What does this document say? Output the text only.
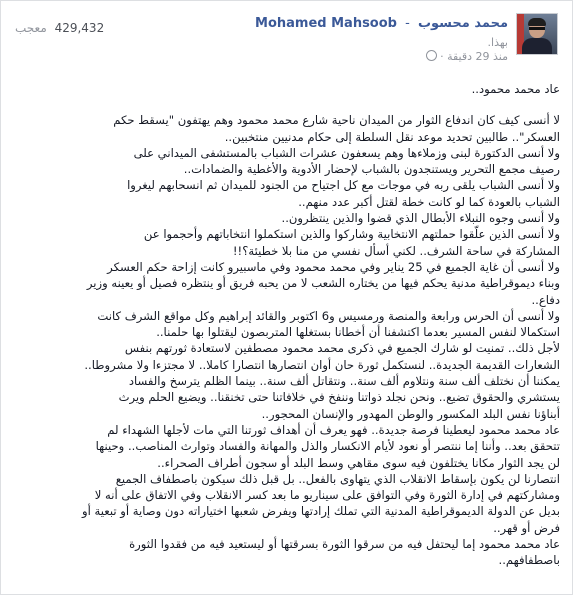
محمد محسوب - Mohamed Mahsoob
429,432 معجب
بهذا.
منذ 29 دقيقة ·

عاد محمد محمود..

لا أنسى كيف كان اندفاع الثوار من الميدان ناحية شارع محمد محمود وهم يهتفون "يسقط حكم

العسكر".. طالبين تحديد موعد نقل السلطة إلى حكام مدنيين منتخبين..

ولا أنسى الدكتورة لبنى وزملاءها وهم يسعفون عشرات الشباب بالمستشفى الميداني على

رصيف مجمع التحرير ويستنجدون بالشباب لإحضار الأدوية والأغطية والضمادات..

ولا أنسى الشباب يلقى ربه في موجات مع كل اجتياح من الجنود للميدان ثم انسحابهم ليغروا

الشباب بالعودة كما لو كانت خطة لقتل أكبر عدد منهم..

ولا أنسى وجوه النبلاء الأبطال الذي قضوا والذين ينتظرون..

ولا أنسى الذين علّقوا حملتهم الانتخابية وشاركوا والذين استكملوا انتخاباتهم وأحجموا عن

المشاركة في ساحة الشرف.. لكني أسأل نفسي من منا بلا خطيئة؟!!

ولا أنسى أن غاية الجميع في 25 يناير وفي محمد محمود وفي ماسبيرو كانت إزاحة حكم العسكر

وبناء ديموقراطية مدنية يحكم فيها من يختاره الشعب لا من يحبه فريق أو ينتظره فصيل أو يعينه وزير

دفاع..

ولا أنسى أن الحرس ورابعة والمنصة ورمسيس و6 اكتوبر والقائد إبراهيم وكل مواقع الشرف كانت

استكمالا لنفس المسير بعدما اكتشفنا أن أخطانا بستغلها المتربصون ليقتلوا بها حلمنا..

لأجل ذلك.. تمنيت لو شارك الجميع في ذكرى محمد محمود مصطفين لاستعادة ثورتهم بنفس

الشعارات القديمة الجديدة.. لنستكمل ثورة حان أوان انتصارها انتصارا كاملا.. لا مجتزءا ولا مشروطا..

يمكننا أن نختلف ألف سنة ونتلاوم ألف سنة.. ونتقاتل ألف سنة.. بينما الظلم يترسخ والفساد

يستشري والحقوق تضيع.. ونحن نجلد ذواتنا وننفخ في خلافاتنا حتى تخنقنا.. ويضيع الحلم ويرث

أبناؤنا نفس البلد المكسور والوطن المهدور والإنسان المحجور..

عاد محمد محمود ليعطينا فرصة جديدة.. فهو يعرف أن أهداف ثورتنا التي مات لأجلها الشهداء لم

تتحقق بعد.. وأننا إما ننتصر أو نعود لأيام الانكسار والذل والمهانة والفساد وتوارث المناصب.. وحينها

لن يجد الثوار مكانا يختلفون فيه سوى مقاهي وسط البلد أو سجون أطراف الصحراء..

انتصارنا لن يكون بإسقاط الانقلاب الذي يتهاوى بالفعل.. بل قبل ذلك سيكون باصطفاف الجميع

ومشاركتهم في إدارة الثورة وفي التوافق على سيناريو ما بعد كسر الانقلاب وفي الاتفاق على أنه لا

بديل عن الدولة الديموقراطية المدنية التي تملك إرادتها ويفرض شعبها اختياراته دون وصاية أو تبعية أو

فرض أو قهر..

عاد محمد محمود إما ليحتفل فيه من سرقوا الثورة بسرقتها أو ليستعيد فيه من فقدوا الثورة

باصطفافهم..
